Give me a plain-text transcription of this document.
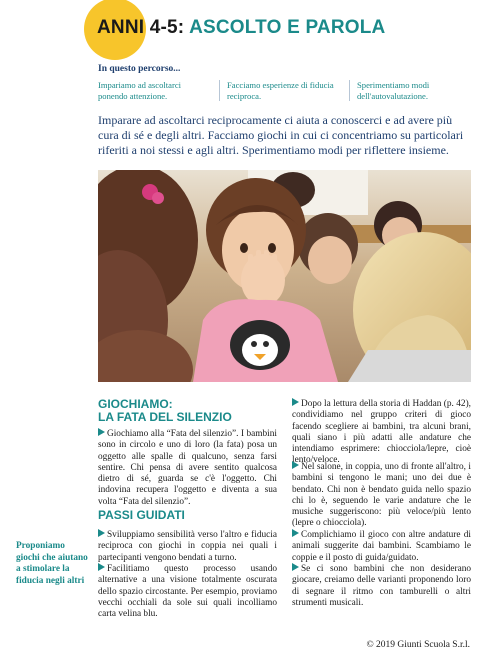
ANNI 4-5: ASCOLTO E PAROLA

In questo percorso...

Impariamo ad ascoltarci ponendo attenzione.
Facciamo esperienze di fiducia reciproca.
Sperimentiamo modi dell'autovalutazione.

Imparare ad ascoltarci reciprocamente ci aiuta a conoscerci e ad avere più cura di sé e degli altri. Facciamo giochi in cui ci concentriamo su particolari riferiti a noi stessi e agli altri. Sperimentiamo modi per riflettere insieme.

GIOCHIAMO:
LA FATA DEL SILENZIO

Giochiamo alla “Fata del silenzio”. I bambini sono in circolo e uno di loro (la fata) posa un oggetto alle spalle di qualcuno, senza farsi sentire. Chi pensa di avere sentito qualcosa dietro di sé, guarda se c'è l'oggetto. Chi indovina recupera l'oggetto e diventa a sua volta “Fata del silenzio”.

PASSI GUIDATI

Sviluppiamo sensibilità verso l'altro e fiducia reciproca con giochi in coppia nei quali i partecipanti vengono bendati a turno.

Facilitiamo questo processo usando alternative a una visione totalmente oscurata dello spazio circostante. Per esempio, proviamo vecchi occhiali da sole sui quali incolliamo carta velina blu.

Dopo la lettura della storia di Haddan (p. 42), condividiamo nel gruppo criteri di gioco facendo scegliere ai bambini, tra alcuni brani, quali siano i più adatti alle andature che intendiamo esprimere: chiocciola/lepre, cioè lento/veloce.

Nel salone, in coppia, uno di fronte all'altro, i bambini si tengono le mani; uno dei due è bendato. Chi non è bendato guida nello spazio chi lo è, seguendo le varie andature che le musiche suggeriscono: più veloce/più lento (lepre o chiocciola).

Complichiamo il gioco con altre andature di animali suggerite dai bambini. Scambiamo le coppie e il posto di guida/guidato.

Se ci sono bambini che non desiderano giocare, creiamo delle varianti proponendo loro di segnare il ritmo con tamburelli o altri strumenti musicali.

Proponiamo giochi che aiutano a stimolare la fiducia negli altri

© 2019 Giunti Scuola S.r.l.
